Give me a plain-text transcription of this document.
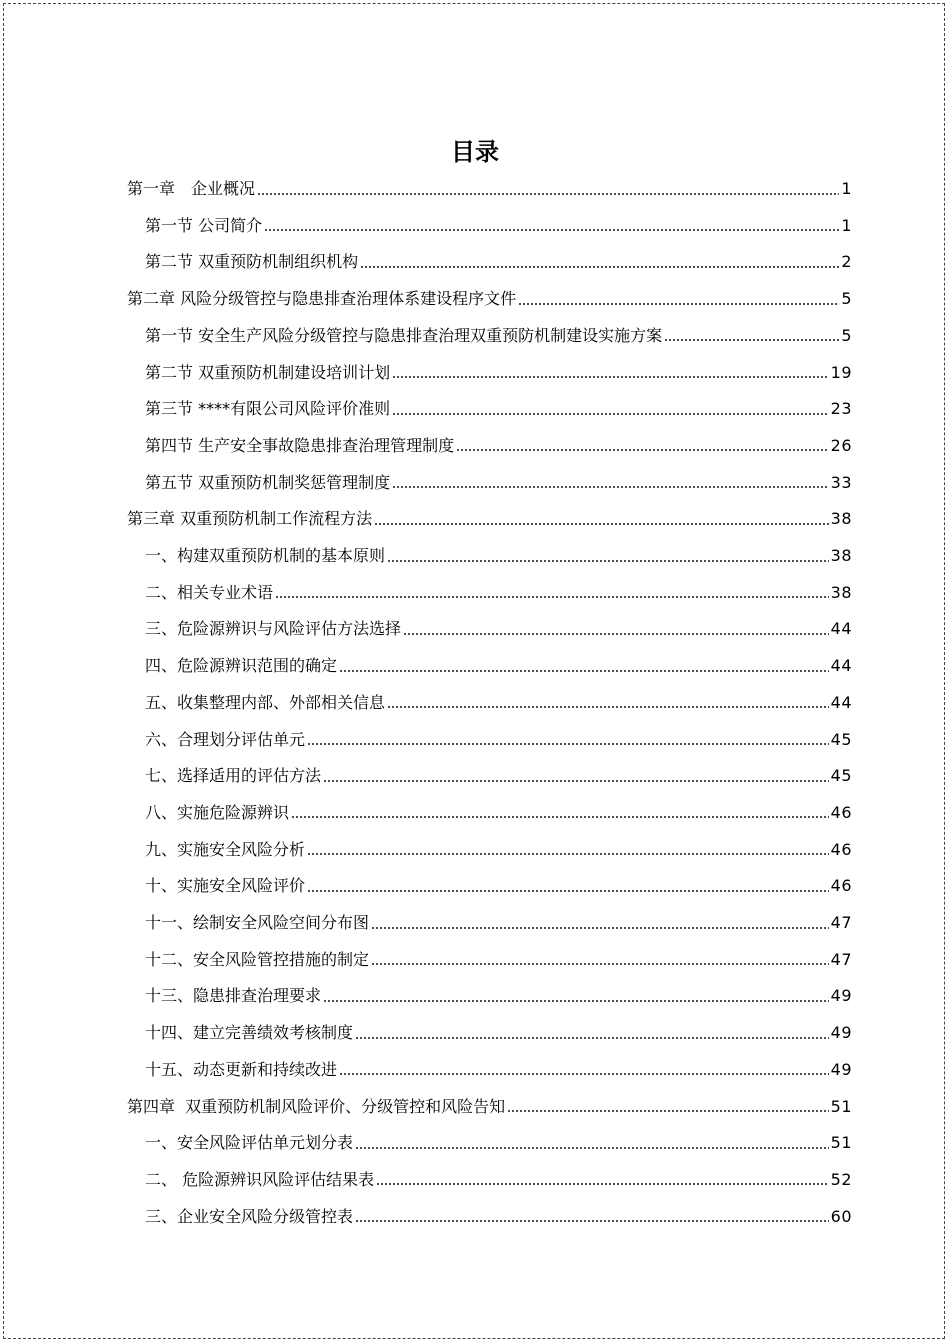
目录
第一章　企业概况	1
第一节 公司简介	1
第二节 双重预防机制组织机构	2
第二章 风险分级管控与隐患排查治理体系建设程序文件	5
第一节 安全生产风险分级管控与隐患排查治理双重预防机制建设实施方案	5
第二节 双重预防机制建设培训计划	19
第三节 ****有限公司风险评价准则	23
第四节 生产安全事故隐患排查治理管理制度	26
第五节 双重预防机制奖惩管理制度	33
第三章 双重预防机制工作流程方法	38
一、构建双重预防机制的基本原则	38
二、相关专业术语	38
三、危险源辨识与风险评估方法选择	44
四、危险源辨识范围的确定	44
五、收集整理内部、外部相关信息	44
六、合理划分评估单元	45
七、选择适用的评估方法	45
八、实施危险源辨识	46
九、实施安全风险分析	46
十、实施安全风险评价	46
十一、绘制安全风险空间分布图	47
十二、安全风险管控措施的制定	47
十三、隐患排查治理要求	49
十四、建立完善绩效考核制度	49
十五、动态更新和持续改进	49
第四章  双重预防机制风险评价、分级管控和风险告知	51
一、安全风险评估单元划分表	51
二、 危险源辨识风险评估结果表	52
三、企业安全风险分级管控表	60
